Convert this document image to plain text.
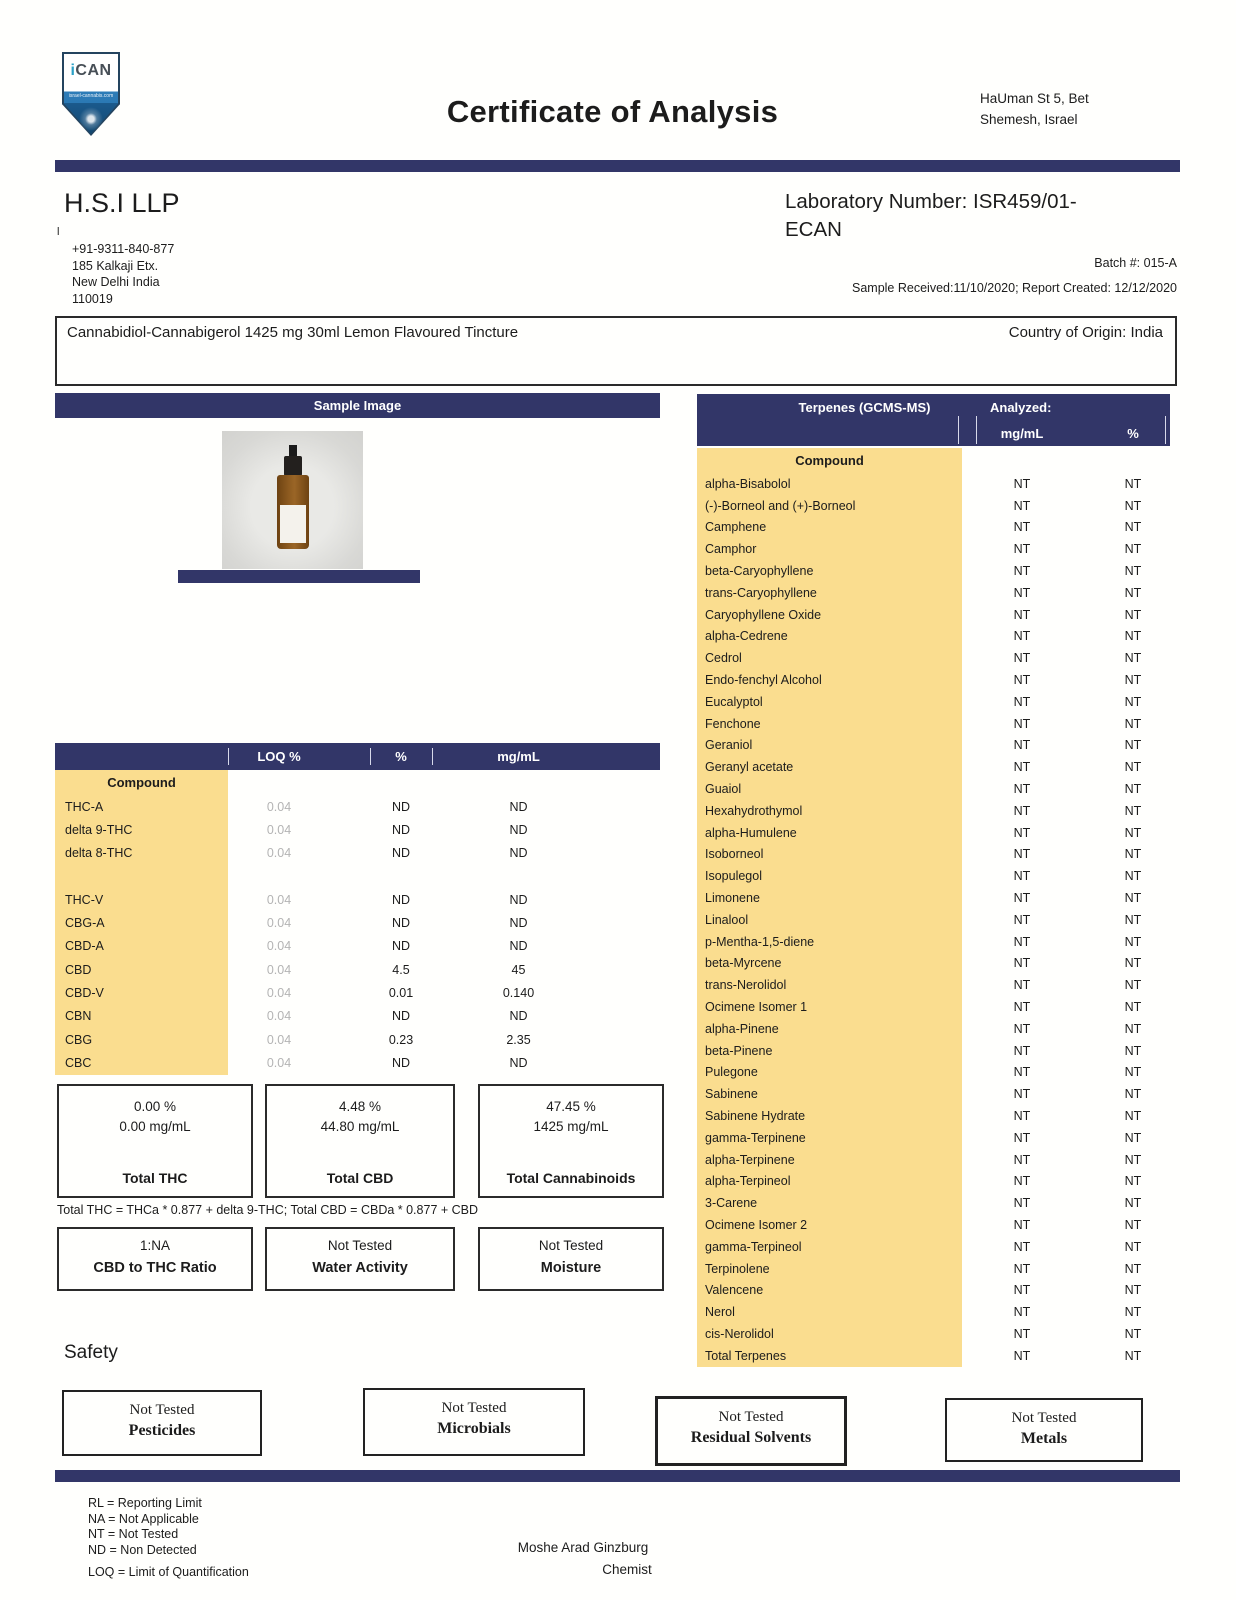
iCAN
israel-cannabis.com	Certificate of Analysis	HaUman St 5, Bet
Shemesh, Israel
H.S.I LLP
l
+91-9311-840-877
185 Kalkaji Etx.
New Delhi India
110019
Laboratory Number: ISR459/01-
ECAN
Batch #: 015-A
Sample Received:11/10/2020; Report Created: 12/12/2020
Cannabidiol-Cannabigerol 1425 mg 30ml Lemon Flavoured Tincture	Country of Origin: India
Sample Image
LOQ %	%	mg/mL
Compound
THC-A	0.04	ND	ND
delta 9-THC	0.04	ND	ND
delta 8-THC	0.04	ND	ND
THC-V	0.04	ND	ND
CBG-A	0.04	ND	ND
CBD-A	0.04	ND	ND
CBD	0.04	4.5	45
CBD-V	0.04	0.01	0.140
CBN	0.04	ND	ND
CBG	0.04	0.23	2.35
CBC	0.04	ND	ND
0.00 %
0.00 mg/mL
Total THC
4.48 %
44.80 mg/mL
Total CBD
47.45 %
1425 mg/mL
Total Cannabinoids
Total THC = THCa * 0.877 + delta 9-THC; Total CBD = CBDa * 0.877 + CBD
1:NA
CBD to THC Ratio
Not Tested
Water Activity
Not Tested
Moisture
Terpenes (GCMS-MS)	Analyzed:
mg/mL	%
Compound
alpha-Bisabolol	NT	NT
(-)-Borneol and (+)-Borneol	NT	NT
Camphene	NT	NT
Camphor	NT	NT
beta-Caryophyllene	NT	NT
trans-Caryophyllene	NT	NT
Caryophyllene Oxide	NT	NT
alpha-Cedrene	NT	NT
Cedrol	NT	NT
Endo-fenchyl Alcohol	NT	NT
Eucalyptol	NT	NT
Fenchone	NT	NT
Geraniol	NT	NT
Geranyl acetate	NT	NT
Guaiol	NT	NT
Hexahydrothymol	NT	NT
alpha-Humulene	NT	NT
Isoborneol	NT	NT
Isopulegol	NT	NT
Limonene	NT	NT
Linalool	NT	NT
p-Mentha-1,5-diene	NT	NT
beta-Myrcene	NT	NT
trans-Nerolidol	NT	NT
Ocimene Isomer 1	NT	NT
alpha-Pinene	NT	NT
beta-Pinene	NT	NT
Pulegone	NT	NT
Sabinene	NT	NT
Sabinene Hydrate	NT	NT
gamma-Terpinene	NT	NT
alpha-Terpinene	NT	NT
alpha-Terpineol	NT	NT
3-Carene	NT	NT
Ocimene Isomer 2	NT	NT
gamma-Terpineol	NT	NT
Terpinolene	NT	NT
Valencene	NT	NT
Nerol	NT	NT
cis-Nerolidol	NT	NT
Total Terpenes	NT	NT
Safety
Not Tested
Pesticides
Not Tested
Microbials
Not Tested
Residual Solvents
Not Tested
Metals
RL = Reporting Limit
NA = Not Applicable
NT = Not Tested
ND = Non Detected
LOQ = Limit of Quantification
Moshe Arad Ginzburg
Chemist
